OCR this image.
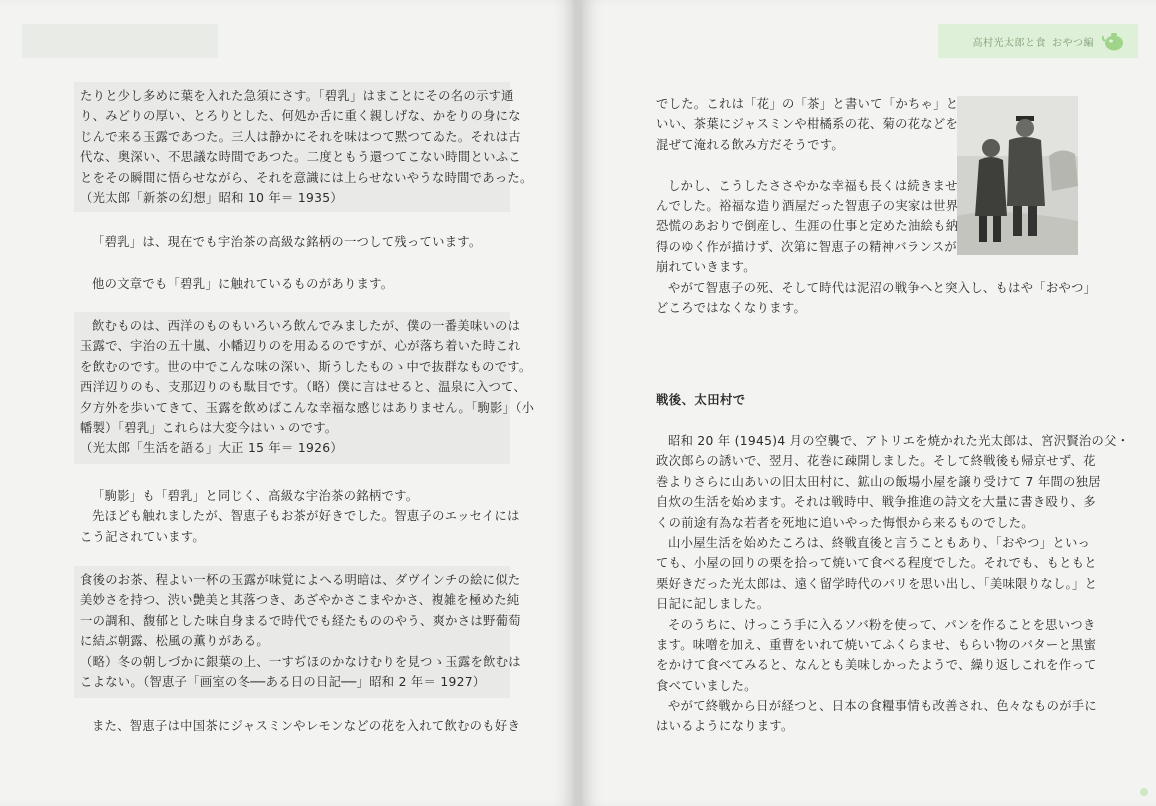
たりと少し多めに葉を入れた急須にさす。「碧乳」はまことにその名の示す通
り、みどりの厚い、とろりとした、何処か舌に重く親しげな、かをりの身にな
じんで来る玉露であつた。三人は静かにそれを味はつて黙つてゐた。それは古
代な、奥深い、不思議な時間であつた。二度ともう還つてこない時間といふこ
とをその瞬間に悟らせながら、それを意識には上らせないやうな時間であった。
（光太郎「新茶の幻想」昭和 10 年＝ 1935）
「碧乳」は、現在でも宇治茶の高級な銘柄の一つして残っています。
他の文章でも「碧乳」に触れているものがあります。
飲むものは、西洋のものもいろいろ飲んでみましたが、僕の一番美味いのは
玉露で、宇治の五十嵐、小幡辺りのを用ゐるのですが、心が落ち着いた時これ
を飲むのです。世の中でこんな味の深い、斯うしたものゝ中で抜群なものです。
西洋辺りのも、支那辺りのも駄目です。（略）僕に言はせると、温泉に入つて、
夕方外を歩いてきて、玉露を飲めばこんな幸福な感じはありません。「駒影」（小
幡製）「碧乳」これらは大変今はいゝのです。
（光太郎「生活を語る」大正 15 年＝ 1926）
「駒影」も「碧乳」と同じく、高級な宇治茶の銘柄です。
先ほども触れましたが、智恵子もお茶が好きでした。智恵子のエッセイには
こう記されています。
食後のお茶、程よい一杯の玉露が味覚によへる明暗は、ダヴインチの絵に似た
美妙さを持つ、渋い艶美と其落つき、あざやかさこまやかさ、複雑を極めた純
一の調和、馥郁とした味自身まるで時代でも経たもののやう、爽かさは野葡萄
に結ぶ朝露、松風の薫りがある。
（略）冬の朝しづかに銀葉の上、一すぢほのかなけむりを見つゝ玉露を飲むは
こよない。（智恵子「画室の冬──ある日の日記──」昭和 2 年＝ 1927）
また、智恵子は中国茶にジャスミンやレモンなどの花を入れて飲むのも好き
高村光太郎と食 おやつ編
でした。これは「花」の「茶」と書いて「かちゃ」と
いい、茶葉にジャスミンや柑橘系の花、菊の花などを
混ぜて淹れる飲み方だそうです。
しかし、こうしたささやかな幸福も長くは続きませ
んでした。裕福な造り酒屋だった智恵子の実家は世界
恐慌のあおりで倒産し、生涯の仕事と定めた油絵も納
得のゆく作が描けず、次第に智恵子の精神バランスが
崩れていきます。
やがて智恵子の死、そして時代は泥沼の戦争へと突入し、もはや「おやつ」
どころではなくなります。
戦後、太田村で
昭和 20 年 (1945)4 月の空襲で、アトリエを焼かれた光太郎は、宮沢賢治の父・
政次郎らの誘いで、翌月、花巻に疎開しました。そして終戦後も帰京せず、花
巻よりさらに山あいの旧太田村に、鉱山の飯場小屋を譲り受けて 7 年間の独居
自炊の生活を始めます。それは戦時中、戦争推進の詩文を大量に書き殴り、多
くの前途有為な若者を死地に追いやった悔恨から来るものでした。
山小屋生活を始めたころは、終戦直後と言うこともあり、「おやつ」といっ
ても、小屋の回りの栗を拾って焼いて食べる程度でした。それでも、もともと
栗好きだった光太郎は、遠く留学時代のパリを思い出し、「美味限りなし。」と
日記に記しました。
そのうちに、けっこう手に入るソバ粉を使って、パンを作ることを思いつき
ます。味噌を加え、重曹をいれて焼いてふくらませ、もらい物のバターと黒蜜
をかけて食べてみると、なんとも美味しかったようで、繰り返しこれを作って
食べていました。
やがて終戦から日が経つと、日本の食糧事情も改善され、色々なものが手に
はいるようになります。
